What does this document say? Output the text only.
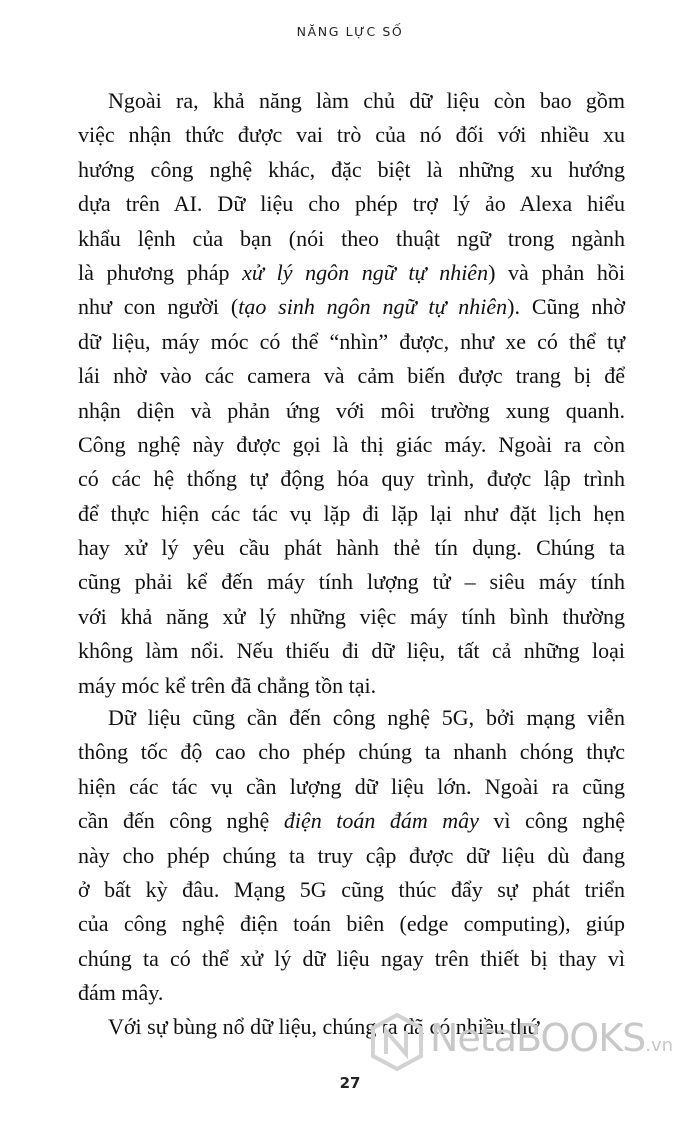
NĂNG LỰC SỐ
Ngoài ra, khả năng làm chủ dữ liệu còn bao gồm
việc nhận thức được vai trò của nó đối với nhiều xu
hướng công nghệ khác, đặc biệt là những xu hướng
dựa trên AI. Dữ liệu cho phép trợ lý ảo Alexa hiểu
khẩu lệnh của bạn (nói theo thuật ngữ trong ngành
là phương pháp xử lý ngôn ngữ tự nhiên) và phản hồi
như con người (tạo sinh ngôn ngữ tự nhiên). Cũng nhờ
dữ liệu, máy móc có thể “nhìn” được, như xe có thể tự
lái nhờ vào các camera và cảm biến được trang bị để
nhận diện và phản ứng với môi trường xung quanh.
Công nghệ này được gọi là thị giác máy. Ngoài ra còn
có các hệ thống tự động hóa quy trình, được lập trình
để thực hiện các tác vụ lặp đi lặp lại như đặt lịch hẹn
hay xử lý yêu cầu phát hành thẻ tín dụng. Chúng ta
cũng phải kể đến máy tính lượng tử – siêu máy tính
với khả năng xử lý những việc máy tính bình thường
không làm nổi. Nếu thiếu đi dữ liệu, tất cả những loại
máy móc kể trên đã chẳng tồn tại.
Dữ liệu cũng cần đến công nghệ 5G, bởi mạng viễn
thông tốc độ cao cho phép chúng ta nhanh chóng thực
hiện các tác vụ cần lượng dữ liệu lớn. Ngoài ra cũng
cần đến công nghệ điện toán đám mây vì công nghệ
này cho phép chúng ta truy cập được dữ liệu dù đang
ở bất kỳ đâu. Mạng 5G cũng thúc đẩy sự phát triển
của công nghệ điện toán biên (edge computing), giúp
chúng ta có thể xử lý dữ liệu ngay trên thiết bị thay vì
đám mây.
Với sự bùng nổ dữ liệu, chúng ta đã có nhiều thứ
NetaBOOKS.vn
27
